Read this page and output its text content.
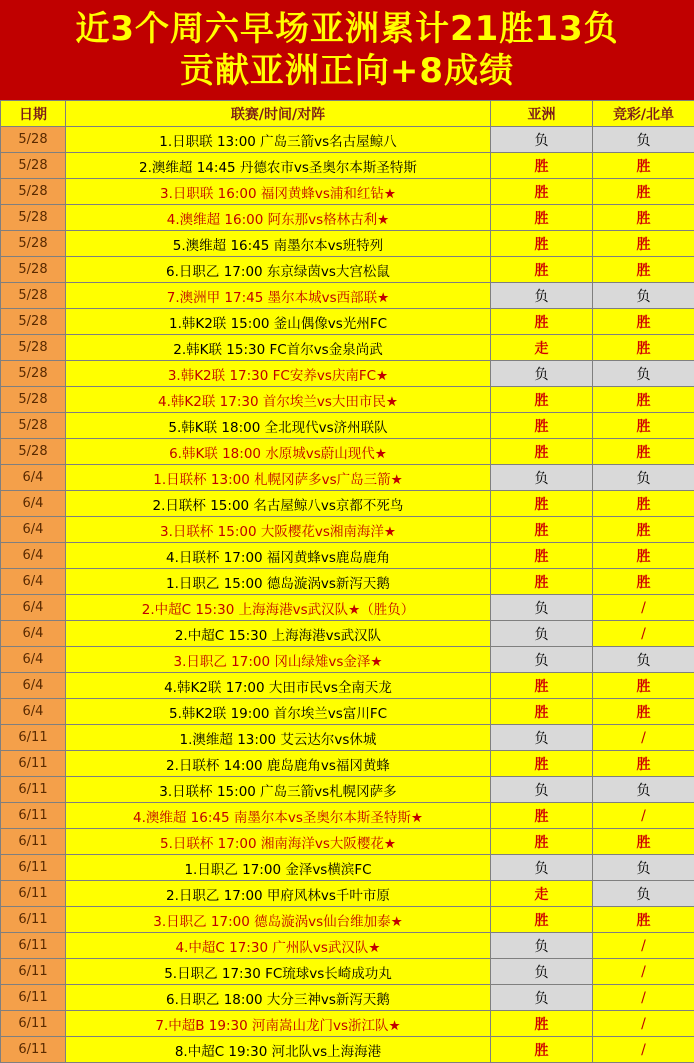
近3个周六早场亚洲累计21胜13负
贡献亚洲正向+8成绩
日期	联赛/时间/对阵	亚洲	竞彩/北单
5/28	1.日职联 13:00 广岛三箭vs名古屋鲸八	负	负
5/28	2.澳维超 14:45 丹德农市vs圣奥尔本斯圣特斯	胜	胜
5/28	3.日职联 16:00 福冈黄蜂vs浦和红钻★	胜	胜
5/28	4.澳维超 16:00 阿东那vs格林古利★	胜	胜
5/28	5.澳维超 16:45 南墨尔本vs班特列	胜	胜
5/28	6.日职乙 17:00 东京绿茵vs大宫松鼠	胜	胜
5/28	7.澳洲甲 17:45 墨尔本城vs西部联★	负	负
5/28	1.韩K2联 15:00 釜山偶像vs光州FC	胜	胜
5/28	2.韩K联 15:30 FC首尔vs金泉尚武	走	胜
5/28	3.韩K2联 17:30 FC安养vs庆南FC★	负	负
5/28	4.韩K2联 17:30 首尔埃兰vs大田市民★	胜	胜
5/28	5.韩K联 18:00 全北现代vs济州联队	胜	胜
5/28	6.韩K联 18:00 水原城vs蔚山现代★	胜	胜
6/4	1.日联杯 13:00 札幌冈萨多vs广岛三箭★	负	负
6/4	2.日联杯 15:00 名古屋鲸八vs京都不死鸟	胜	胜
6/4	3.日联杯 15:00 大阪樱花vs湘南海洋★	胜	胜
6/4	4.日联杯 17:00 福冈黄蜂vs鹿岛鹿角	胜	胜
6/4	1.日职乙 15:00 德岛漩涡vs新泻天鹅	胜	胜
6/4	2.中超C 15:30 上海海港vs武汉队★（胜负）	负	/
6/4	2.中超C 15:30 上海海港vs武汉队	负	/
6/4	3.日职乙 17:00 冈山绿雉vs金泽★	负	负
6/4	4.韩K2联 17:00 大田市民vs全南天龙	胜	胜
6/4	5.韩K2联 19:00 首尔埃兰vs富川FC	胜	胜
6/11	1.澳维超 13:00 艾云达尔vs休城	负	/
6/11	2.日联杯 14:00 鹿岛鹿角vs福冈黄蜂	胜	胜
6/11	3.日联杯 15:00 广岛三箭vs札幌冈萨多	负	负
6/11	4.澳维超 16:45 南墨尔本vs圣奥尔本斯圣特斯★	胜	/
6/11	5.日联杯 17:00 湘南海洋vs大阪樱花★	胜	胜
6/11	1.日职乙 17:00 金泽vs横滨FC	负	负
6/11	2.日职乙 17:00 甲府风林vs千叶市原	走	负
6/11	3.日职乙 17:00 德岛漩涡vs仙台维加泰★	胜	胜
6/11	4.中超C 17:30 广州队vs武汉队★	负	/
6/11	5.日职乙 17:30 FC琉球vs长崎成功丸	负	/
6/11	6.日职乙 18:00 大分三神vs新泻天鹅	负	/
6/11	7.中超B 19:30 河南嵩山龙门vs浙江队★	胜	/
6/11	8.中超C 19:30 河北队vs上海海港	胜	/
